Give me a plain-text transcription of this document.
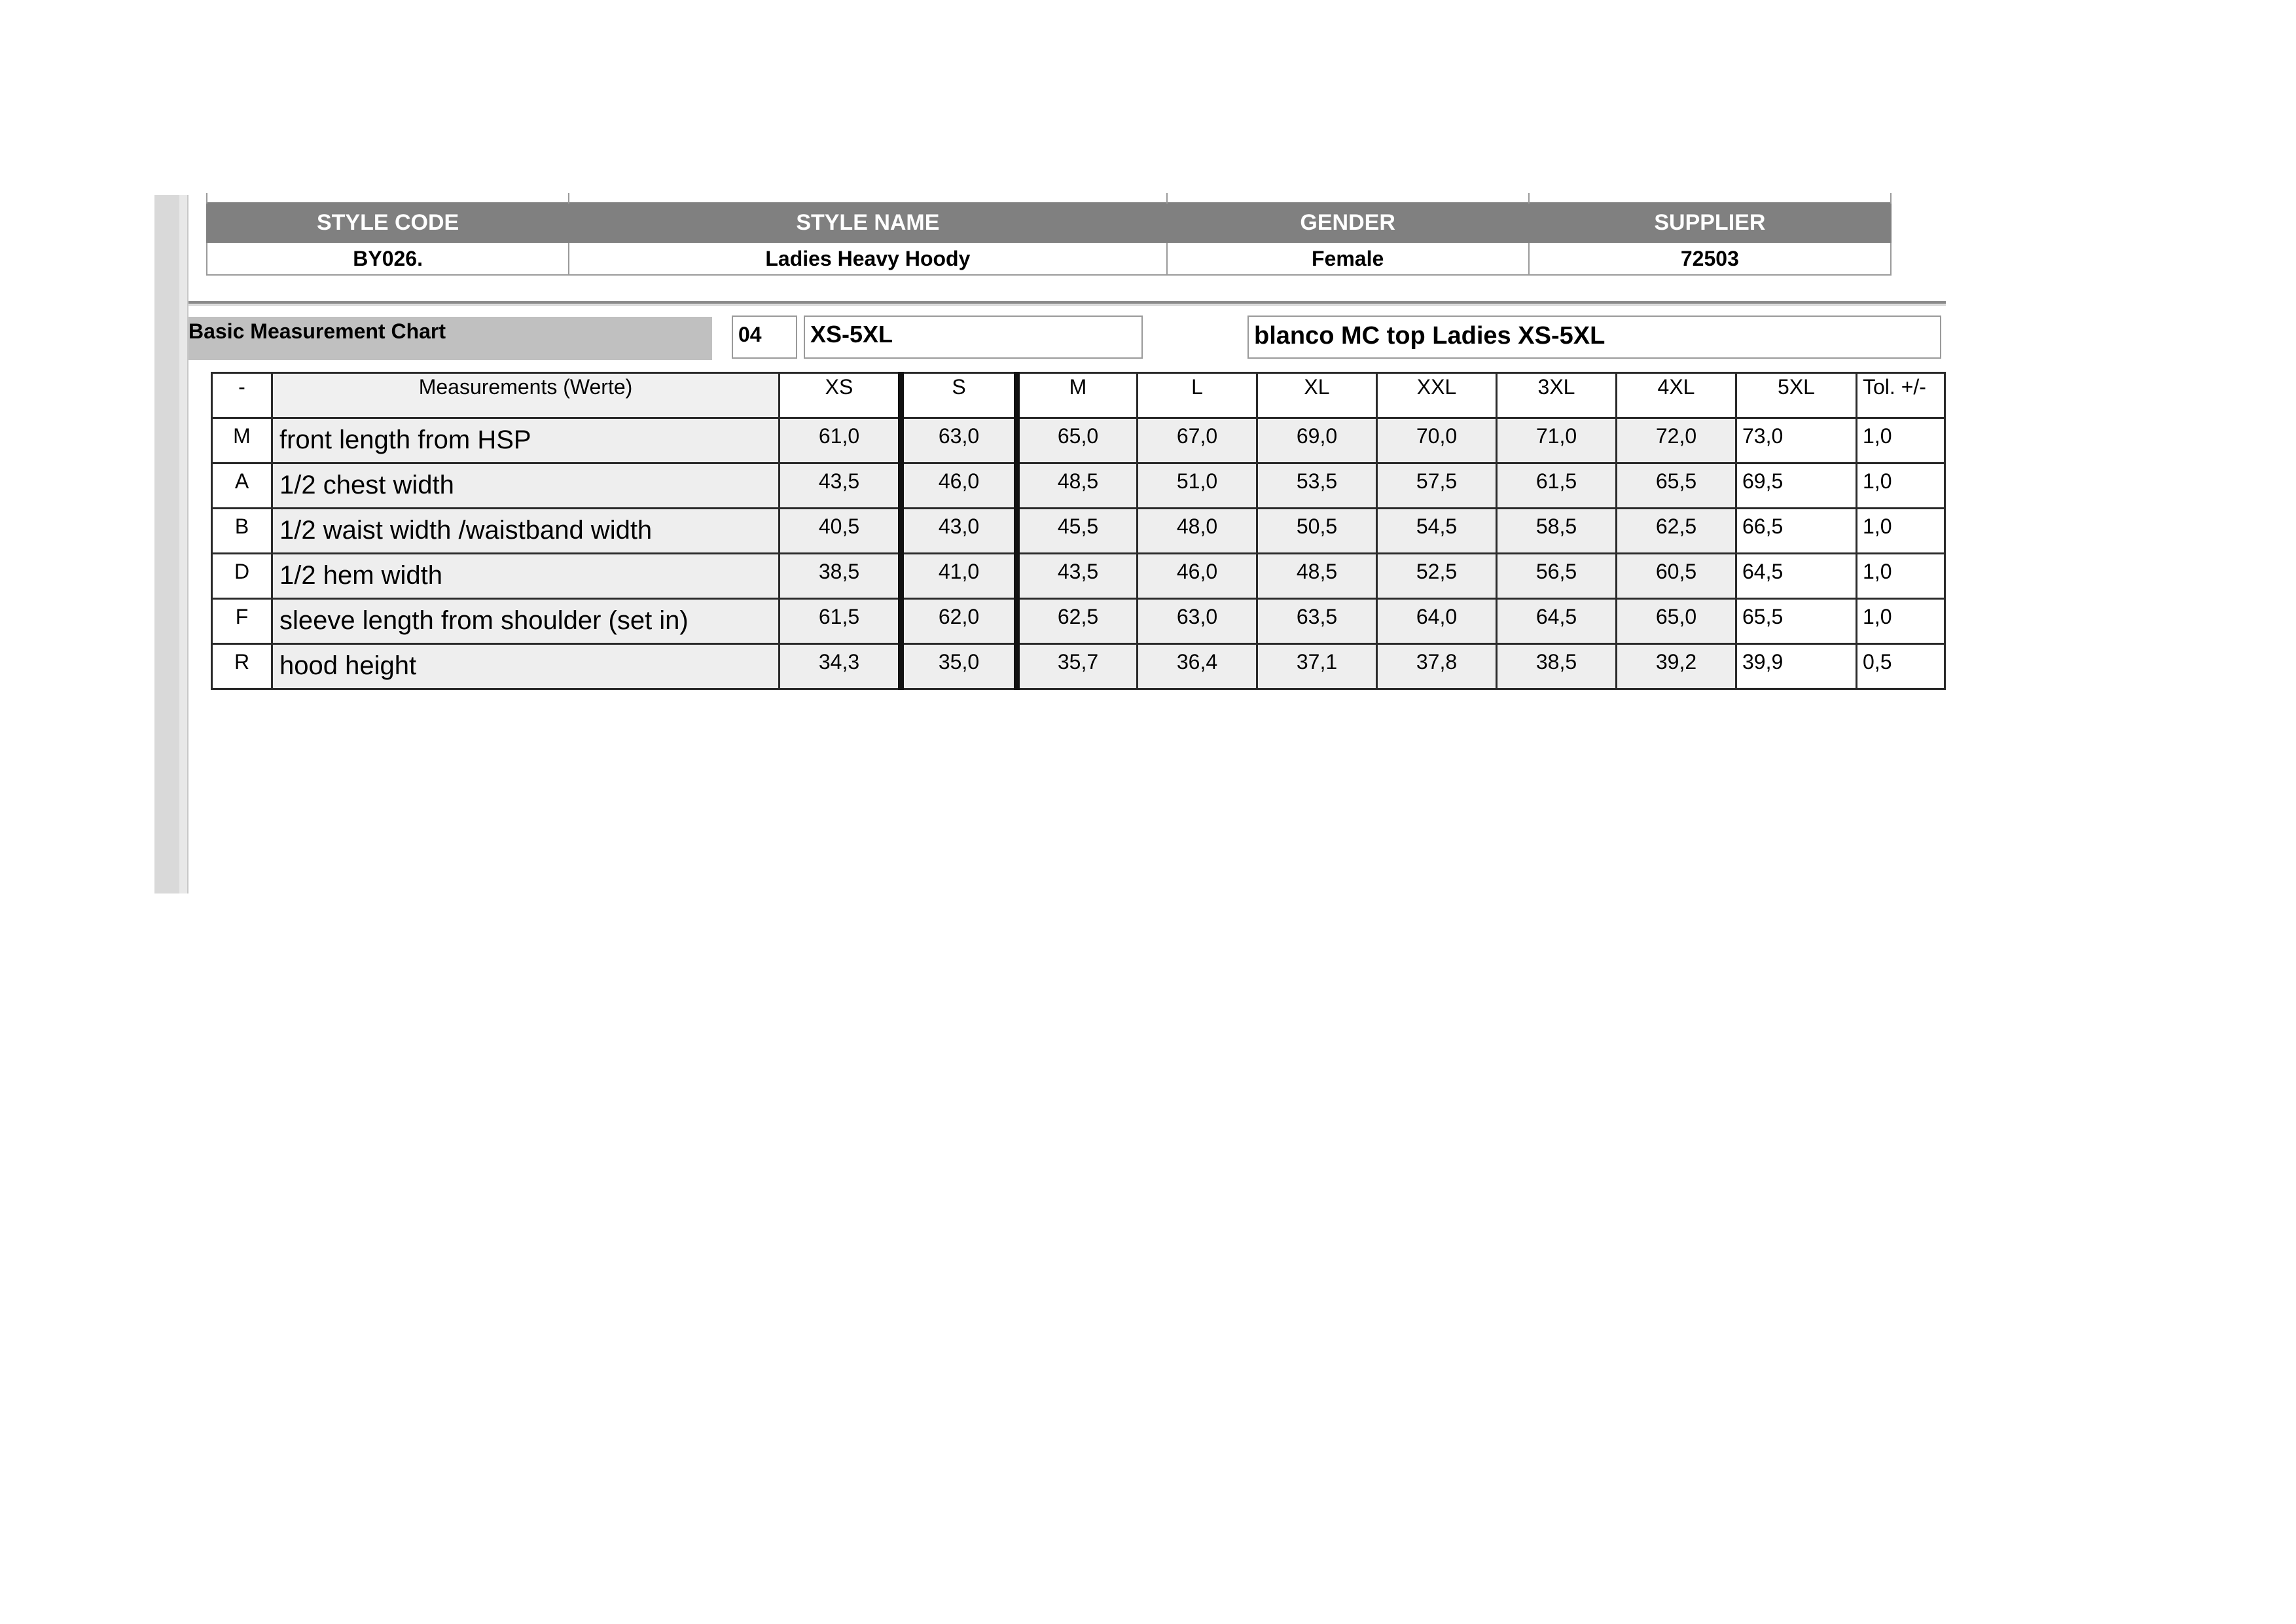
STYLE CODE	STYLE NAME	GENDER	SUPPLIER
BY026.	Ladies Heavy Hoody	Female	72503
Basic Measurement Chart	04	XS-5XL	blanco MC top Ladies XS-5XL
-	Measurements (Werte)	XS	S	M	L	XL	XXL	3XL	4XL	5XL	Tol. +/-
M	front length from HSP	61,0	63,0	65,0	67,0	69,0	70,0	71,0	72,0	73,0	1,0
A	1/2 chest width	43,5	46,0	48,5	51,0	53,5	57,5	61,5	65,5	69,5	1,0
B	1/2 waist width /waistband width	40,5	43,0	45,5	48,0	50,5	54,5	58,5	62,5	66,5	1,0
D	1/2 hem width	38,5	41,0	43,5	46,0	48,5	52,5	56,5	60,5	64,5	1,0
F	sleeve length from shoulder (set in)	61,5	62,0	62,5	63,0	63,5	64,0	64,5	65,0	65,5	1,0
R	hood height	34,3	35,0	35,7	36,4	37,1	37,8	38,5	39,2	39,9	0,5
